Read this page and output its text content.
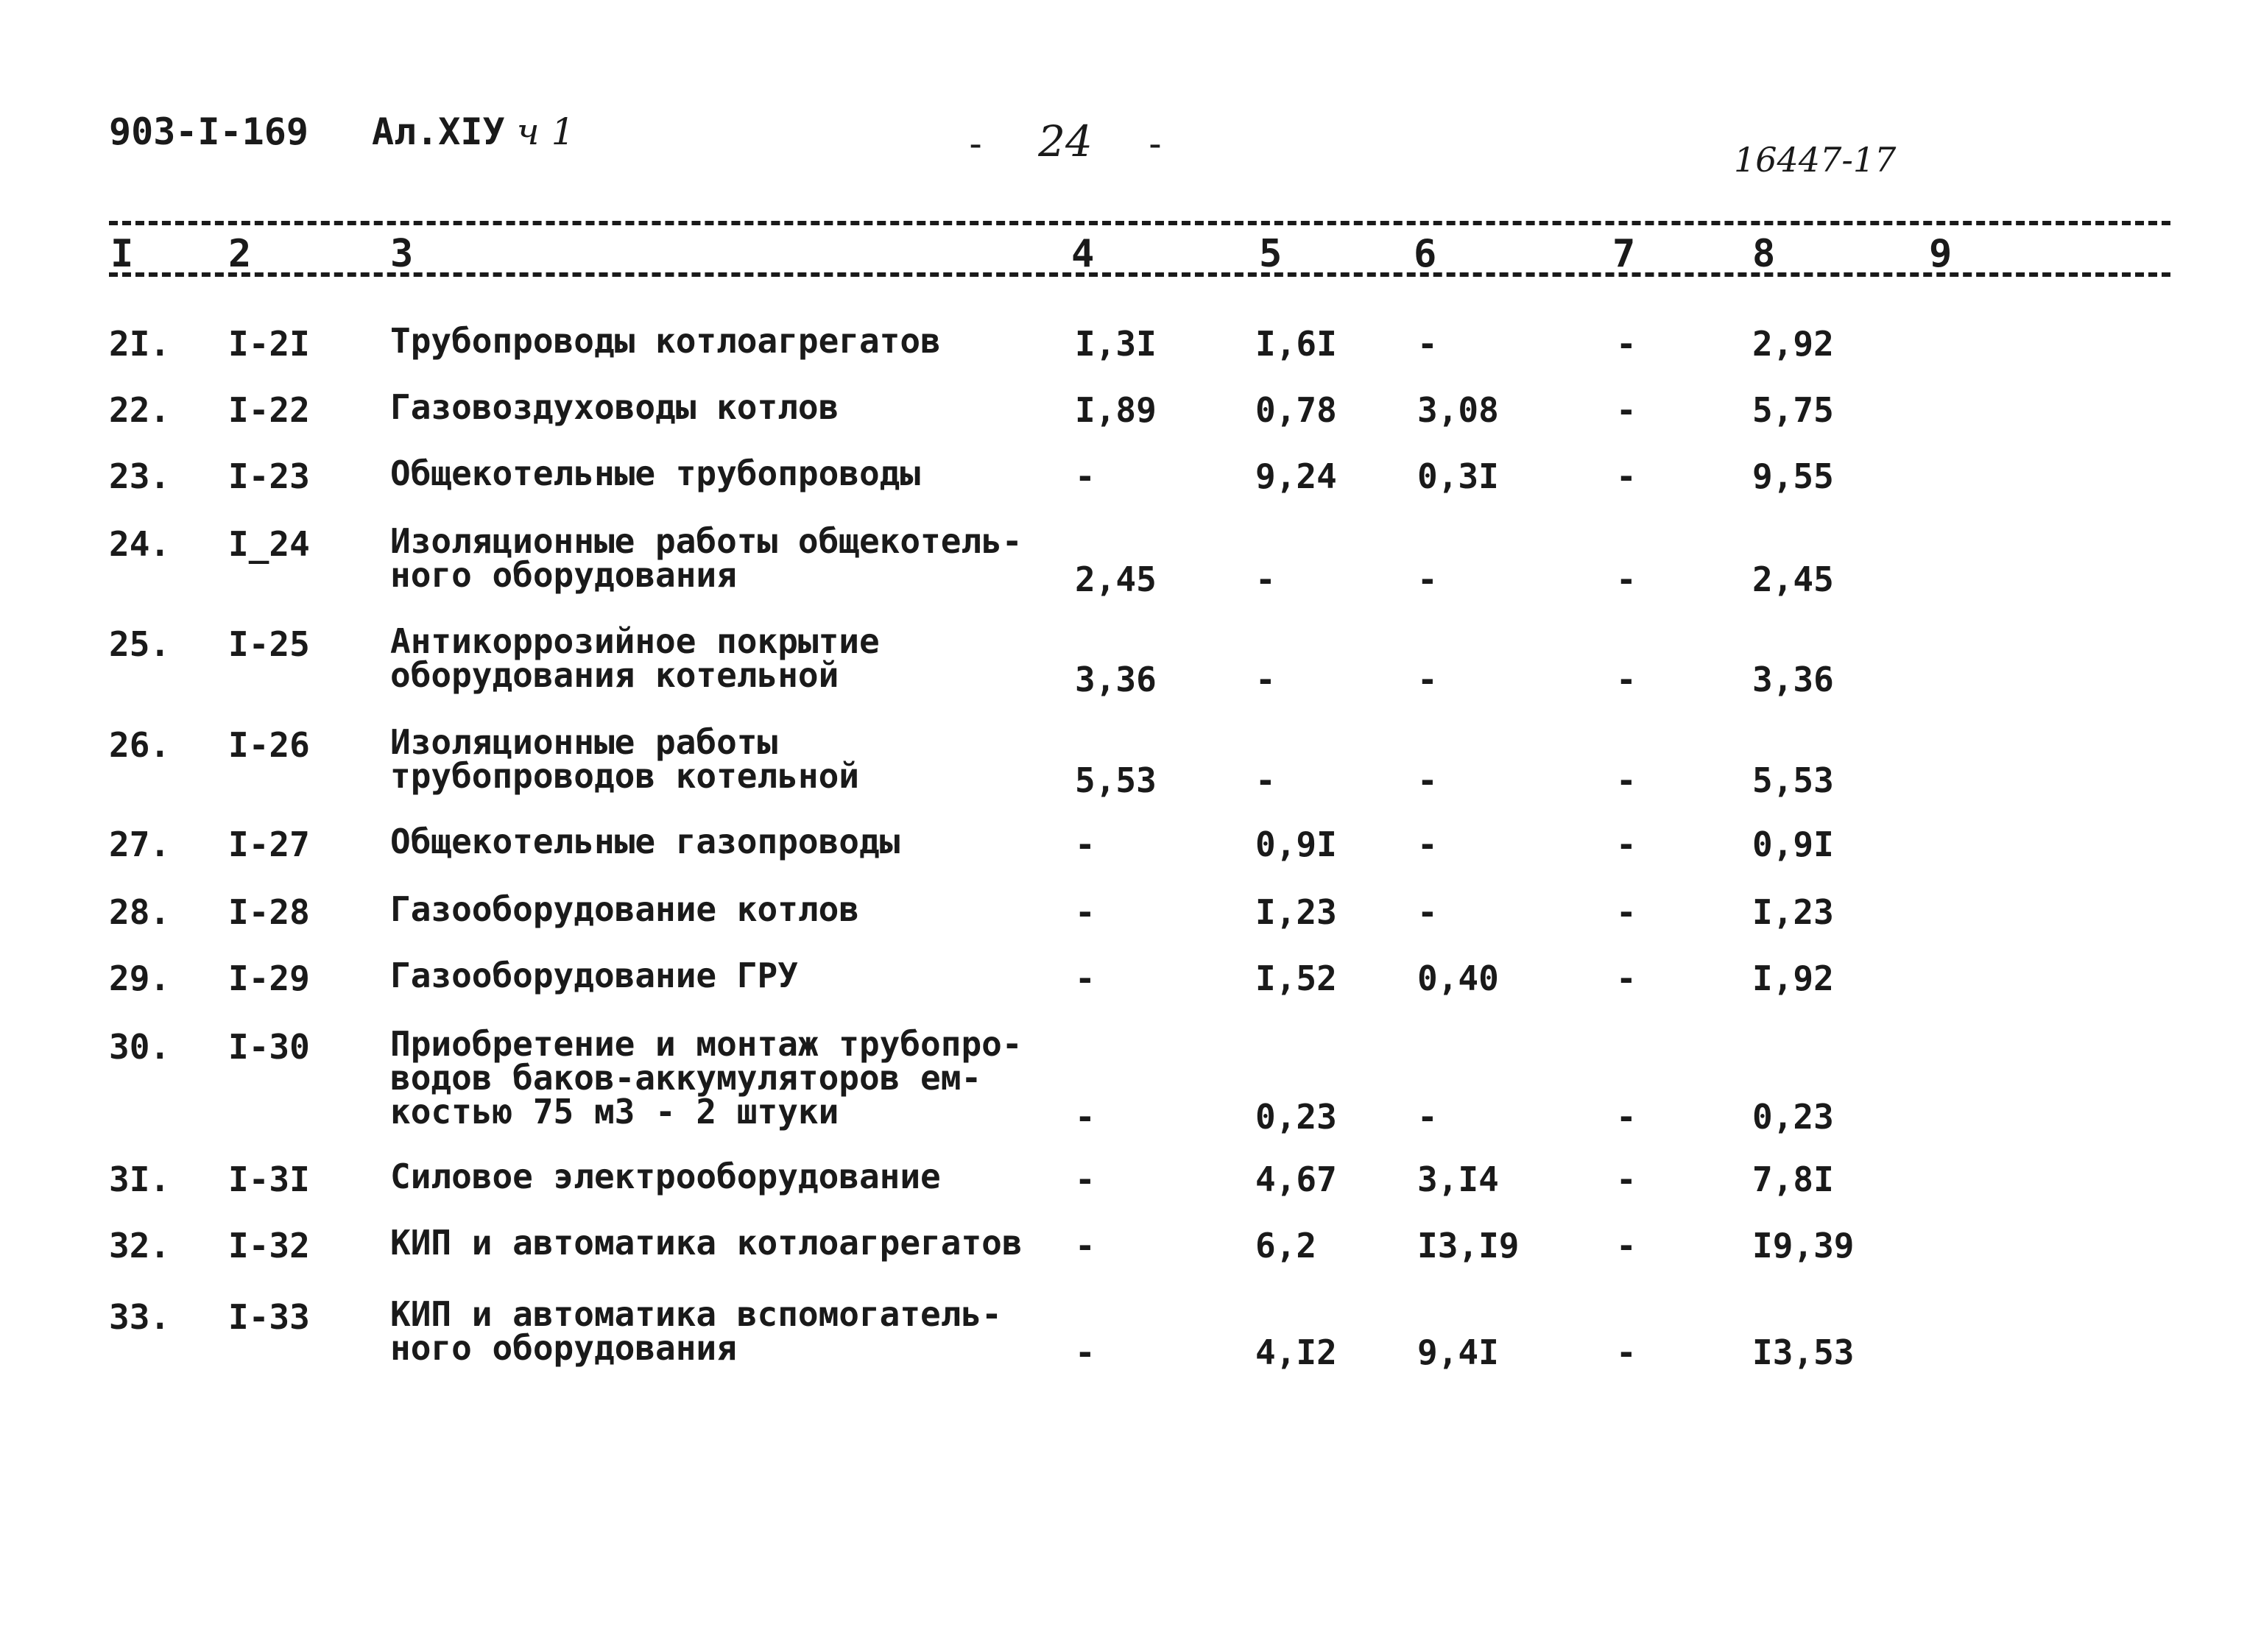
903-I-169 Ал.XIУ ч 1	- 24 -	16447-17
I 2	3	4	5	6	7	8	9
2I. I-2I Трубопроводы котлоагрегатов	I,3I	I,6I -	-	2,92
22. I-22 Газовоздуховоды котлов	I,89	0,78 3,08	-	5,75
23. I-23 Общекотельные трубопроводы	-	9,24 0,3I	-	9,55
24. I_24 Изоляционные работы общекотель- ного оборудования	2,45	-	-	-	2,45
25. I-25 Антикоррозийное покрытие оборудования котельной	3,36	-	-	-	3,36
26. I-26 Изоляционные работы трубопроводов котельной	5,53	-	-	-	5,53
27. I-27 Общекотельные газопроводы	-	0,9I -	-	0,9I
28. I-28 Газооборудование котлов	-	I,23 -	-	I,23
29. I-29 Газооборудование ГРУ	-	I,52 0,40	-	I,92
30. I-30 Приобретение и монтаж трубопро- водов баков-аккумуляторов ем- костью 75 м3 - 2 штуки	-	0,23 -	-	0,23
3I. I-3I Силовое электрооборудование	-	4,67 3,I4	-	7,8I
32. I-32 КИП и автоматика котлоагрегатов	-	6,2	I3,I9	-	I9,39
33. I-33 КИП и автоматика вспомогатель- ного оборудования	-	4,I2 9,4I	-	I3,53
